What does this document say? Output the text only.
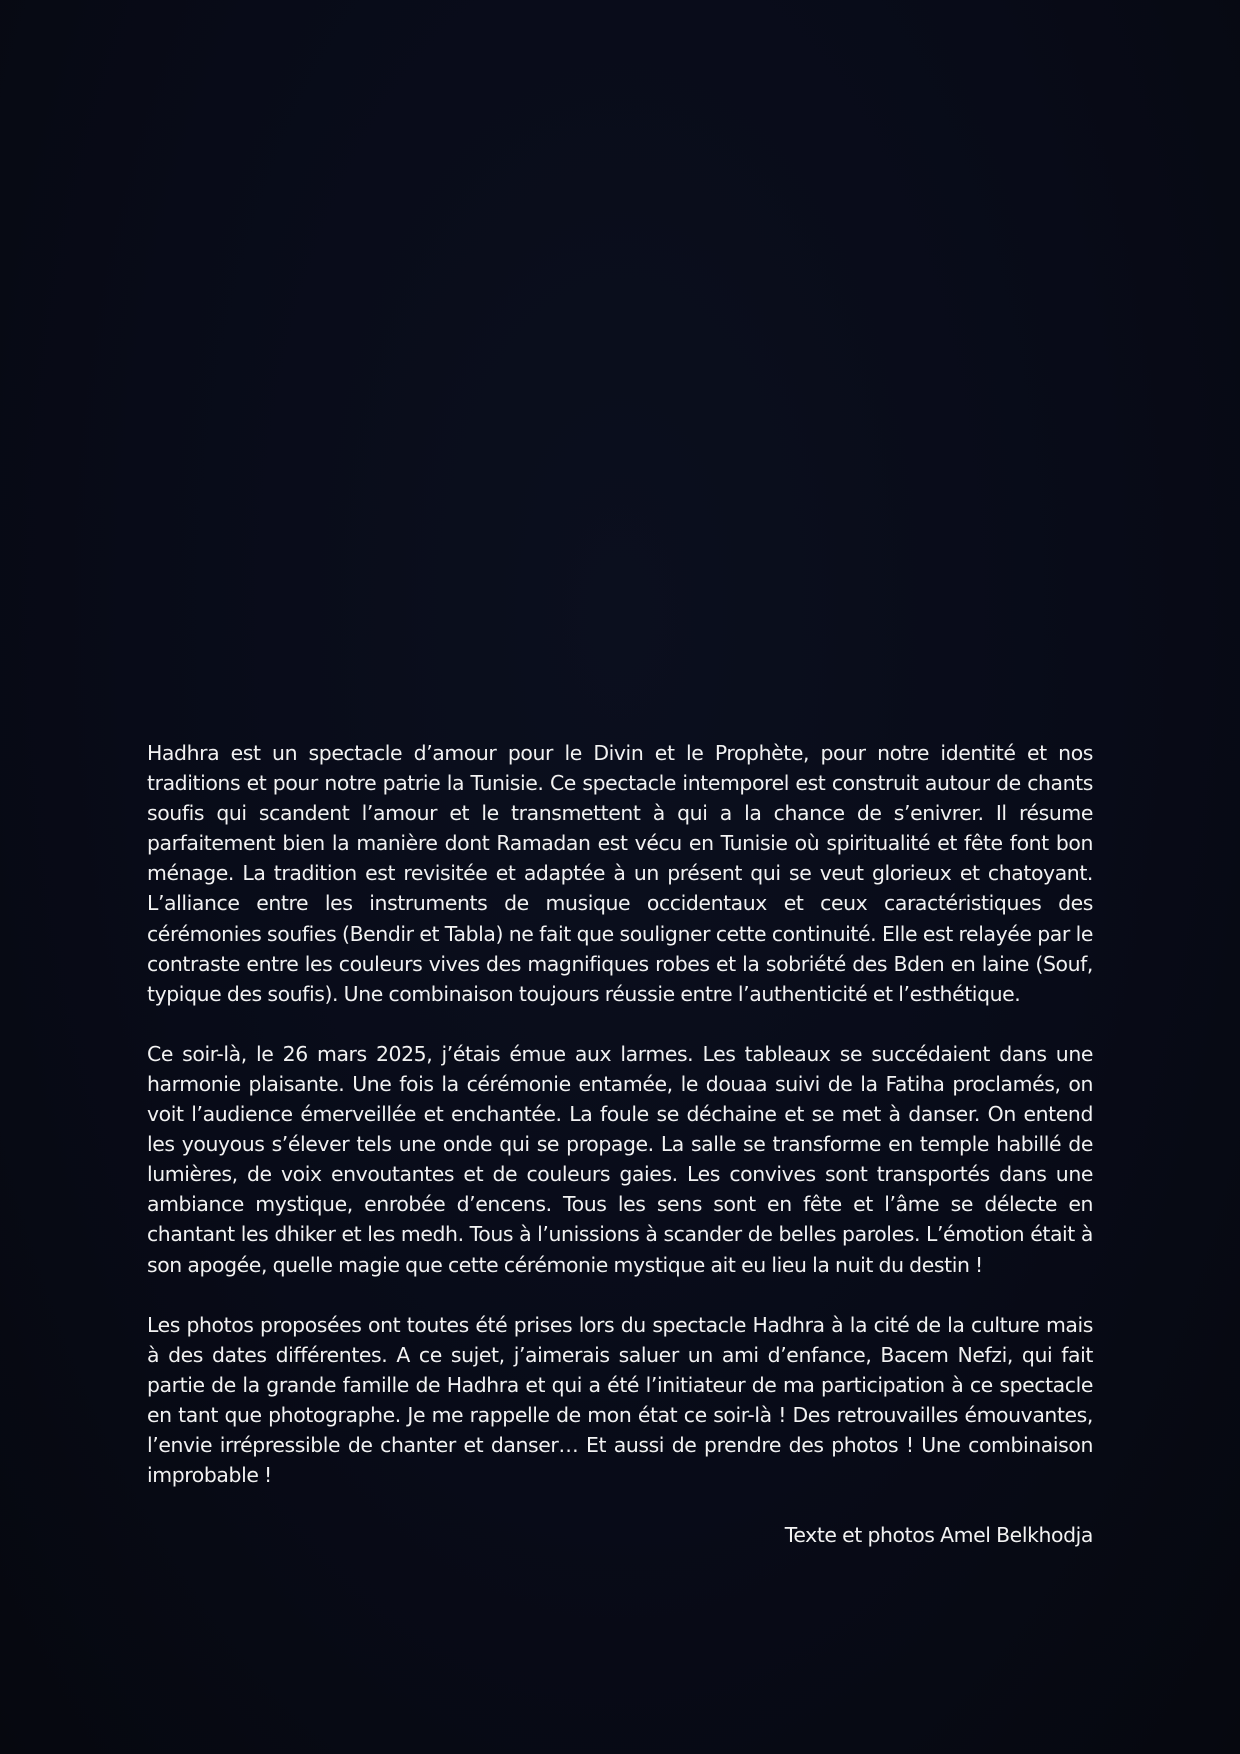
Hadhra est un spectacle d’amour pour le Divin et le Prophète, pour notre identité et nos traditions et pour notre patrie la Tunisie. Ce spectacle intemporel est construit autour de chants soufis qui scandent l’amour et le transmettent à qui a la chance de s’enivrer. Il résume parfaitement bien la manière dont Ramadan est vécu en Tunisie où spiritualité et fête font bon ménage. La tradition est revisitée et adaptée à un présent qui se veut glorieux et chatoyant. L’alliance entre les instruments de musique occidentaux et ceux caractéristiques des cérémonies soufies (Bendir et Tabla) ne fait que souligner cette continuité. Elle est relayée par le contraste entre les couleurs vives des magnifiques robes et la sobriété des Bden en laine (Souf, typique des soufis). Une combinaison toujours réussie entre l’authenticité et l’esthétique.

Ce soir-là, le 26 mars 2025, j’étais émue aux larmes. Les tableaux se succédaient dans une harmonie plaisante. Une fois la cérémonie entamée, le douaa suivi de la Fatiha proclamés, on voit l’audience émerveillée et enchantée. La foule se déchaine et se met à danser. On entend les youyous s’élever tels une onde qui se propage. La salle se transforme en temple habillé de lumières, de voix envoutantes et de couleurs gaies. Les convives sont transportés dans une ambiance mystique, enrobée d’encens. Tous les sens sont en fête et l’âme se délecte en chantant les dhiker et les medh. Tous à l’unissions à scander de belles paroles. L’émotion était à son apogée, quelle magie que cette cérémonie mystique ait eu lieu la nuit du destin !

Les photos proposées ont toutes été prises lors du spectacle Hadhra à la cité de la culture mais à des dates différentes. A ce sujet, j’aimerais saluer un ami d’enfance, Bacem Nefzi, qui fait partie de la grande famille de Hadhra et qui a été l’initiateur de ma participation à ce spectacle en tant que photographe. Je me rappelle de mon état ce soir-là ! Des retrouvailles émouvantes, l’envie irrépressible de chanter et danser… Et aussi de prendre des photos ! Une combinaison improbable !

Texte et photos Amel Belkhodja
